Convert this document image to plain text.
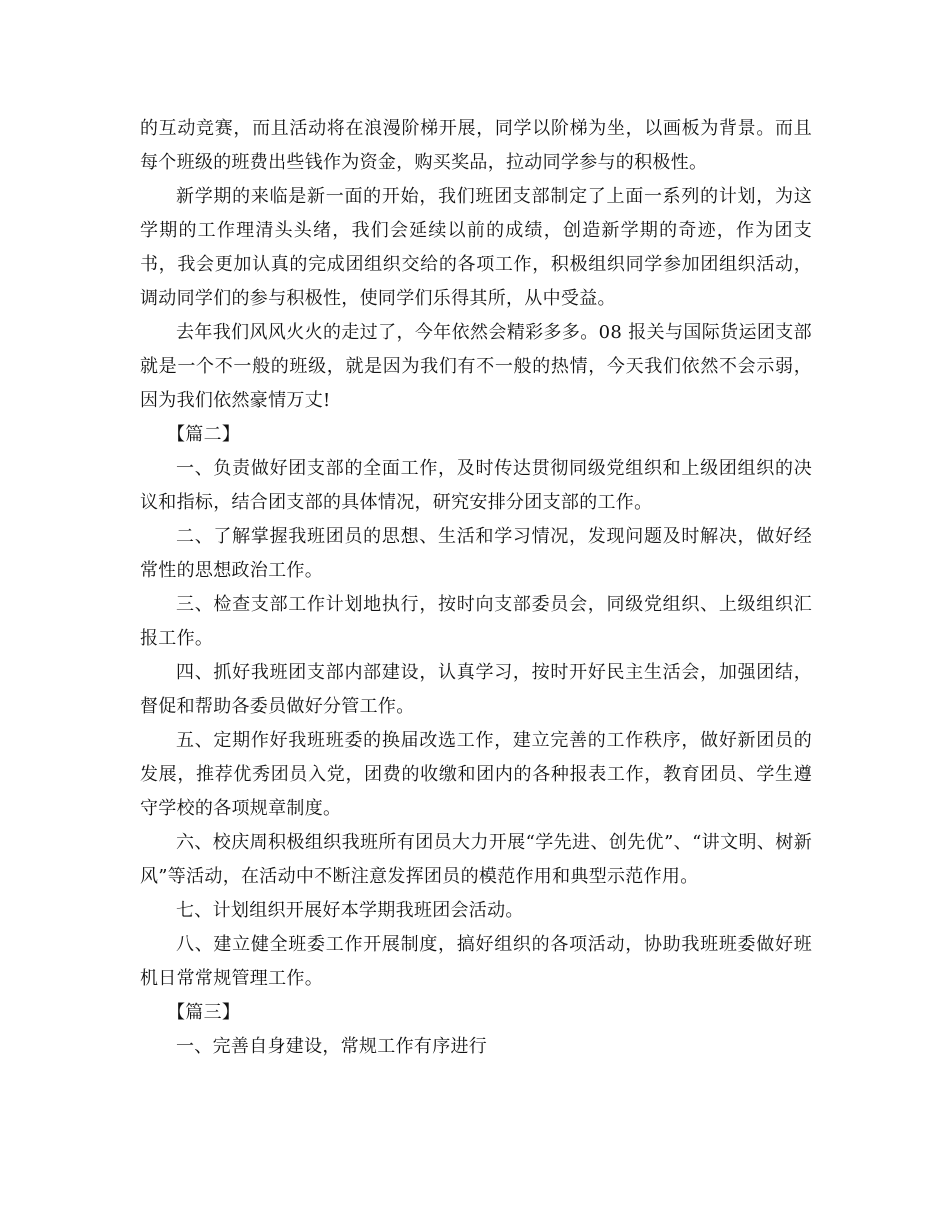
的互动竞赛，而且活动将在浪漫阶梯开展，同学以阶梯为坐，以画板为背景。而且每个班级的班费出些钱作为资金，购买奖品，拉动同学参与的积极性。

新学期的来临是新一面的开始，我们班团支部制定了上面一系列的计划，为这学期的工作理清头头绪，我们会延续以前的成绩，创造新学期的奇迹，作为团支书，我会更加认真的完成团组织交给的各项工作，积极组织同学参加团组织活动，调动同学们的参与积极性，使同学们乐得其所，从中受益。

去年我们风风火火的走过了，今年依然会精彩多多。08 报关与国际货运团支部就是一个不一般的班级，就是因为我们有不一般的热情，今天我们依然不会示弱，因为我们依然豪情万丈!

【篇二】

一、负责做好团支部的全面工作，及时传达贯彻同级党组织和上级团组织的决议和指标，结合团支部的具体情况，研究安排分团支部的工作。

二、了解掌握我班团员的思想、生活和学习情况，发现问题及时解决，做好经常性的思想政治工作。

三、检查支部工作计划地执行，按时向支部委员会，同级党组织、上级组织汇报工作。

四、抓好我班团支部内部建设，认真学习，按时开好民主生活会，加强团结，督促和帮助各委员做好分管工作。

五、定期作好我班班委的换届改选工作，建立完善的工作秩序，做好新团员的发展，推荐优秀团员入党，团费的收缴和团内的各种报表工作，教育团员、学生遵守学校的各项规章制度。

六、校庆周积极组织我班所有团员大力开展“学先进、创先优”、“讲文明、树新风”等活动，在活动中不断注意发挥团员的模范作用和典型示范作用。

七、计划组织开展好本学期我班团会活动。

八、建立健全班委工作开展制度，搞好组织的各项活动，协助我班班委做好班机日常常规管理工作。

【篇三】

一、完善自身建设，常规工作有序进行
